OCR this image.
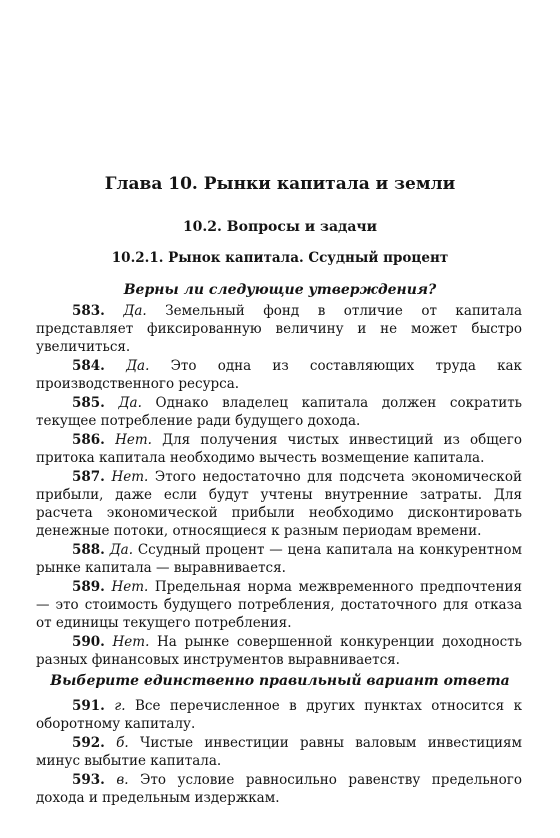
Глава 10. Рынки капитала и земли
10.2. Вопросы и задачи
10.2.1. Рынок капитала. Ссудный процент

Верны ли следующие утверждения?

583. Да. Земельный фонд в отличие от капитала представляет фиксированную величину и не может быстро увеличиться.

584. Да. Это одна из составляющих труда как производственного ресурса.

585. Да. Однако владелец капитала должен сократить текущее потребление ради будущего дохода.

586. Нет. Для получения чистых инвестиций из общего притока капитала необходимо вычесть возмещение капитала.

587. Нет. Этого недостаточно для подсчета экономической прибыли, даже если будут учтены внутренние затраты. Для расчета экономической прибыли необходимо дисконтировать денежные потоки, относящиеся к разным периодам времени.

588. Да. Ссудный процент — цена капитала на конкурентном рынке капитала — выравнивается.

589. Нет. Предельная норма межвременного предпочтения — это стоимость будущего потребления, достаточного для отказа от единицы текущего потребления.

590. Нет. На рынке совершенной конкуренции доходность разных финансовых инструментов выравнивается.

Выберите единственно правильный вариант ответа

591. г. Все перечисленное в других пунктах относится к оборотному капиталу.

592. б. Чистые инвестиции равны валовым инвестициям минус выбытие капитала.

593. в. Это условие равносильно равенству предельного дохода и предельным издержкам.
